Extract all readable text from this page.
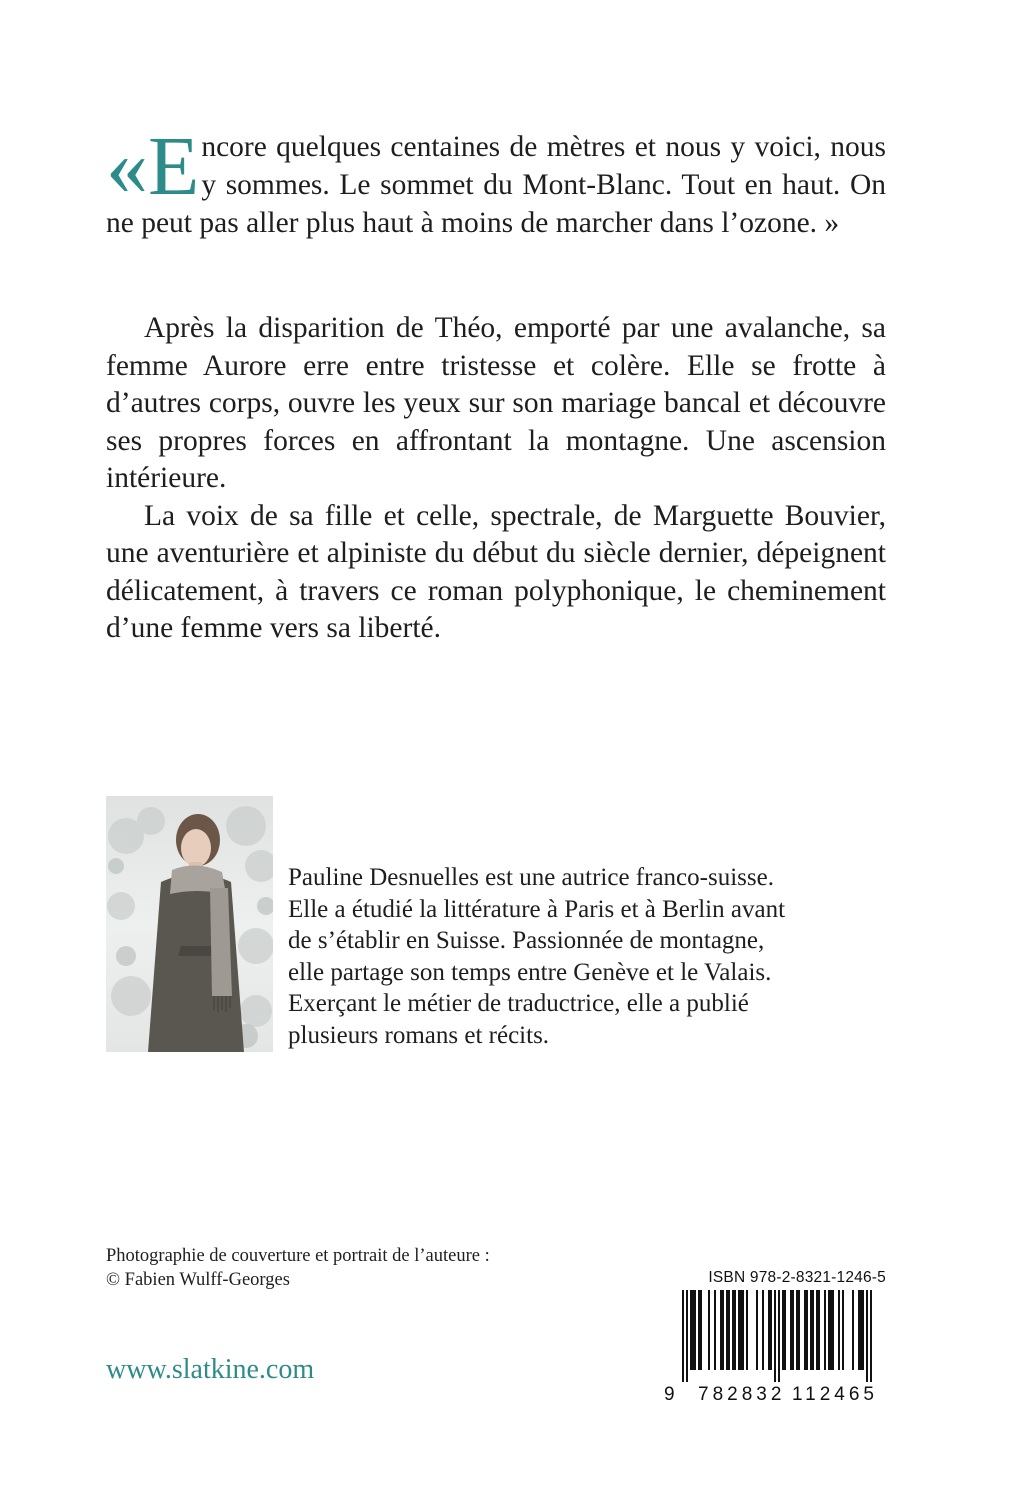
«E ncore quelques centaines de mètres et nous y voici, nous y sommes. Le sommet du Mont-Blanc. Tout en haut. On ne peut pas aller plus haut à moins de marcher dans l’ozone. »

Après la disparition de Théo, emporté par une avalanche, sa femme Aurore erre entre tristesse et colère. Elle se frotte à d’autres corps, ouvre les yeux sur son mariage bancal et découvre ses propres forces en affrontant la montagne. Une ascension intérieure.

La voix de sa fille et celle, spectrale, de Marguette Bouvier, une aventurière et alpiniste du début du siècle dernier, dépeignent délicatement, à travers ce roman polyphonique, le cheminement d’une femme vers sa liberté.

Pauline Desnuelles est une autrice franco-suisse.
Elle a étudié la littérature à Paris et à Berlin avant
de s’établir en Suisse. Passionnée de montagne,
elle partage son temps entre Genève et le Valais.
Exerçant le métier de traductrice, elle a publié
plusieurs romans et récits.
Photographie de couverture et portrait de l’auteure :
© Fabien Wulff-Georges
www.slatkine.com
ISBN 978-2-8321-1246-5
9 782832 112465
